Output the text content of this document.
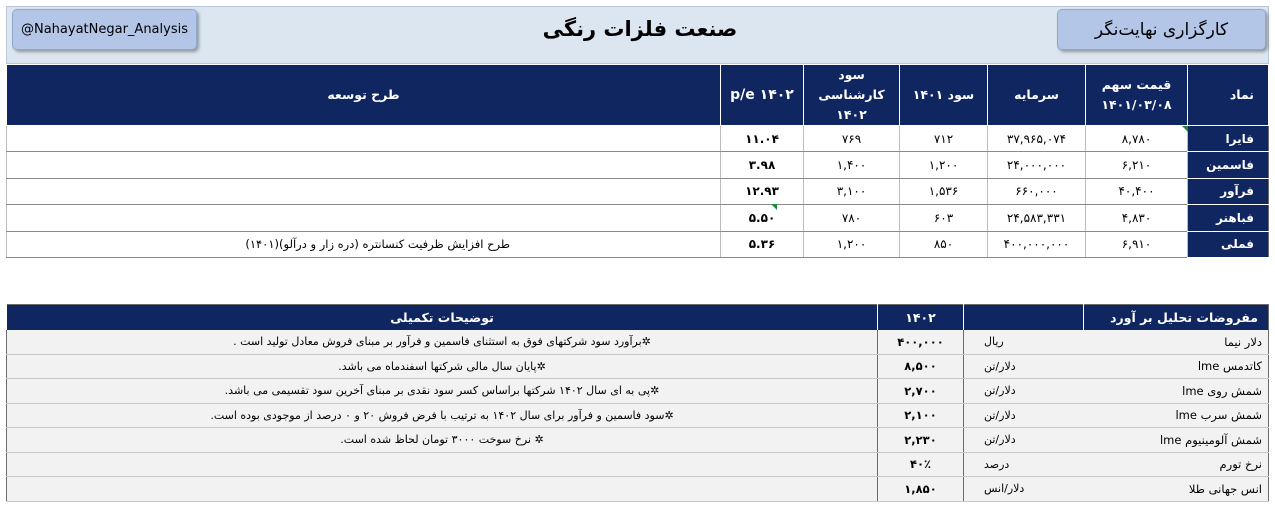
@NahayatNegar_Analysis	صنعت فلزات رنگی	کارگزاری نهایت‌نگر
نماد	قیمت سهم ۱۴۰۱/۰۳/۰۸	سرمایه	سود ۱۴۰۱	سود کارشناسی ۱۴۰۲	p/e ۱۴۰۲	طرح توسعه
فایرا	۸,۷۸۰	۳۷,۹۶۵,۰۷۴	۷۱۲	۷۶۹	۱۱.۰۴	
فاسمین	۶,۲۱۰	۲۴,۰۰۰,۰۰۰	۱,۲۰۰	۱,۴۰۰	۳.۹۸	
فرآور	۴۰,۴۰۰	۶۶۰,۰۰۰	۱,۵۳۶	۳,۱۰۰	۱۲.۹۳	
فباهنر	۴,۸۳۰	۲۴,۵۸۳,۳۳۱	۶۰۳	۷۸۰	۵.۵۰	
فملی	۶,۹۱۰	۴۰۰,۰۰۰,۰۰۰	۸۵۰	۱,۲۰۰	۵.۳۶	طرح افزایش ظرفیت کنسانتره (دره زار و درآلو)(۱۴۰۱)
مفروضات تحلیل بر آورد		۱۴۰۲	توضیحات تکمیلی
دلار نیما	ریال	۴۰۰,۰۰۰	✲برآورد سود شرکتهای فوق به استثنای فاسمین و فرآور بر مبنای فروش معادل تولید است .
کاتدمس lme	دلار/تن	۸,۵۰۰	✲پایان سال مالی شرکتها اسفندماه می باشد.
شمش روی lme	دلار/تن	۲,۷۰۰	✲پی به ای سال ۱۴۰۲ شرکتها براساس کسر سود نقدی بر مبنای آخرین سود تقسیمی می باشد.
شمش سرب lme	دلار/تن	۲,۱۰۰	✲سود فاسمین و فرآور برای سال ۱۴۰۲ به ترتیب با فرض فروش ۲۰ و ۰ درصد از موجودی بوده است.
شمش آلومینیوم lme	دلار/تن	۲,۲۳۰	✲ نرخ سوخت ۳۰۰۰ تومان لحاظ شده است.
نرخ تورم	درصد	۴۰٪	
انس جهانی طلا	دلار/انس	۱,۸۵۰	
